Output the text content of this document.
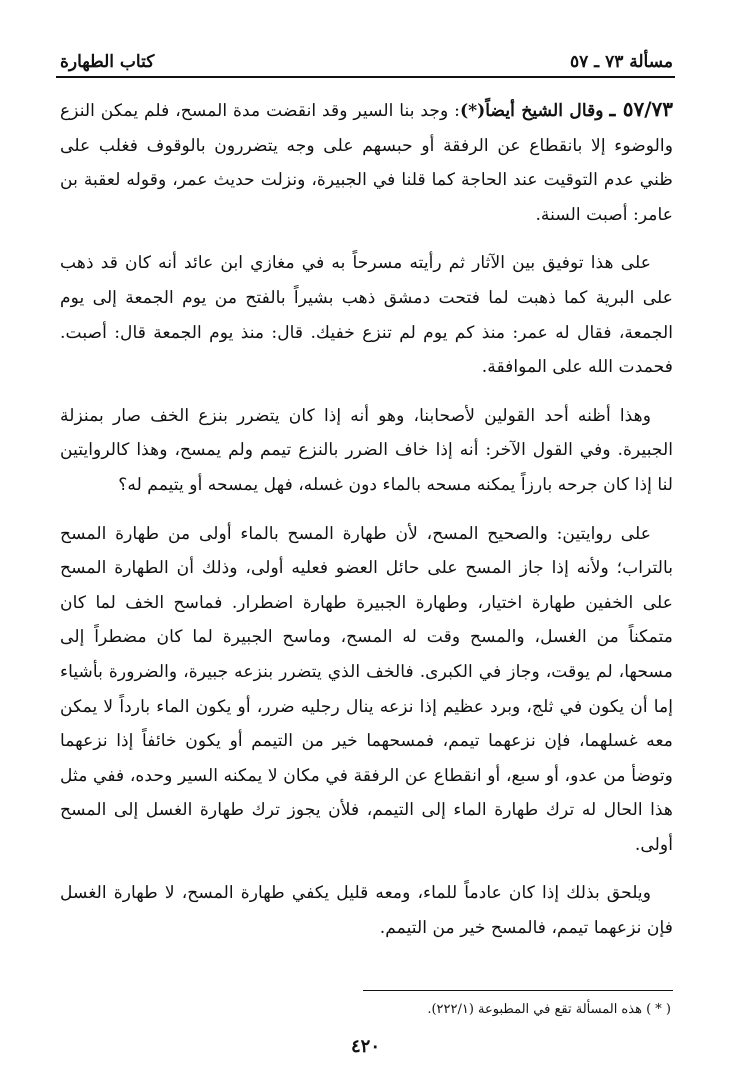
مسألة ٧٣ ـ ٥٧
كتاب الطهارة

٥٧/٧٣ ـ وقال الشيخ أيضاً(*): وجد بنا السير وقد انقضت مدة المسح، فلم يمكن النزع والوضوء إلا بانقطاع عن الرفقة أو حبسهم على وجه يتضررون بالوقوف فغلب على ظني عدم التوقيت عند الحاجة كما قلنا في الجبيرة، ونزلت حديث عمر، وقوله لعقبة بن عامر: أصبت السنة.

على هذا توفيق بين الآثار ثم رأيته مسرحاً به في مغازي ابن عائد أنه كان قد ذهب على البرية كما ذهبت لما فتحت دمشق ذهب بشيراً بالفتح من يوم الجمعة إلى يوم الجمعة، فقال له عمر: منذ كم يوم لم تنزع خفيك. قال: منذ يوم الجمعة قال: أصبت. فحمدت الله على الموافقة.

وهذا أظنه أحد القولين لأصحابنا، وهو أنه إذا كان يتضرر بنزع الخف صار بمنزلة الجبيرة. وفي القول الآخر: أنه إذا خاف الضرر بالنزع تيمم ولم يمسح، وهذا كالروايتين لنا إذا كان جرحه بارزاً يمكنه مسحه بالماء دون غسله، فهل يمسحه أو يتيمم له؟

على روايتين: والصحيح المسح، لأن طهارة المسح بالماء أولى من طهارة المسح بالتراب؛ ولأنه إذا جاز المسح على حائل العضو فعليه أولى، وذلك أن الطهارة المسح على الخفين طهارة اختيار، وطهارة الجبيرة طهارة اضطرار. فماسح الخف لما كان متمكناً من الغسل، والمسح وقت له المسح، وماسح الجبيرة لما كان مضطراً إلى مسحها، لم يوقت، وجاز في الكبرى. فالخف الذي يتضرر بنزعه جبيرة، والضرورة بأشياء إما أن يكون في ثلج، وبرد عظيم إذا نزعه ينال رجليه ضرر، أو يكون الماء بارداً لا يمكن معه غسلهما، فإن نزعهما تيمم، فمسحهما خير من التيمم أو يكون خائفاً إذا نزعهما وتوضأ من عدو، أو سبع، أو انقطاع عن الرفقة في مكان لا يمكنه السير وحده، ففي مثل هذا الحال له ترك طهارة الماء إلى التيمم، فلأن يجوز ترك طهارة الغسل إلى المسح أولى.

ويلحق بذلك إذا كان عادماً للماء، ومعه قليل يكفي طهارة المسح، لا طهارة الغسل فإن نزعهما تيمم، فالمسح خير من التيمم.

( * ) هذه المسألة تقع في المطبوعة (٢٢٢/١).
٤٢٠
